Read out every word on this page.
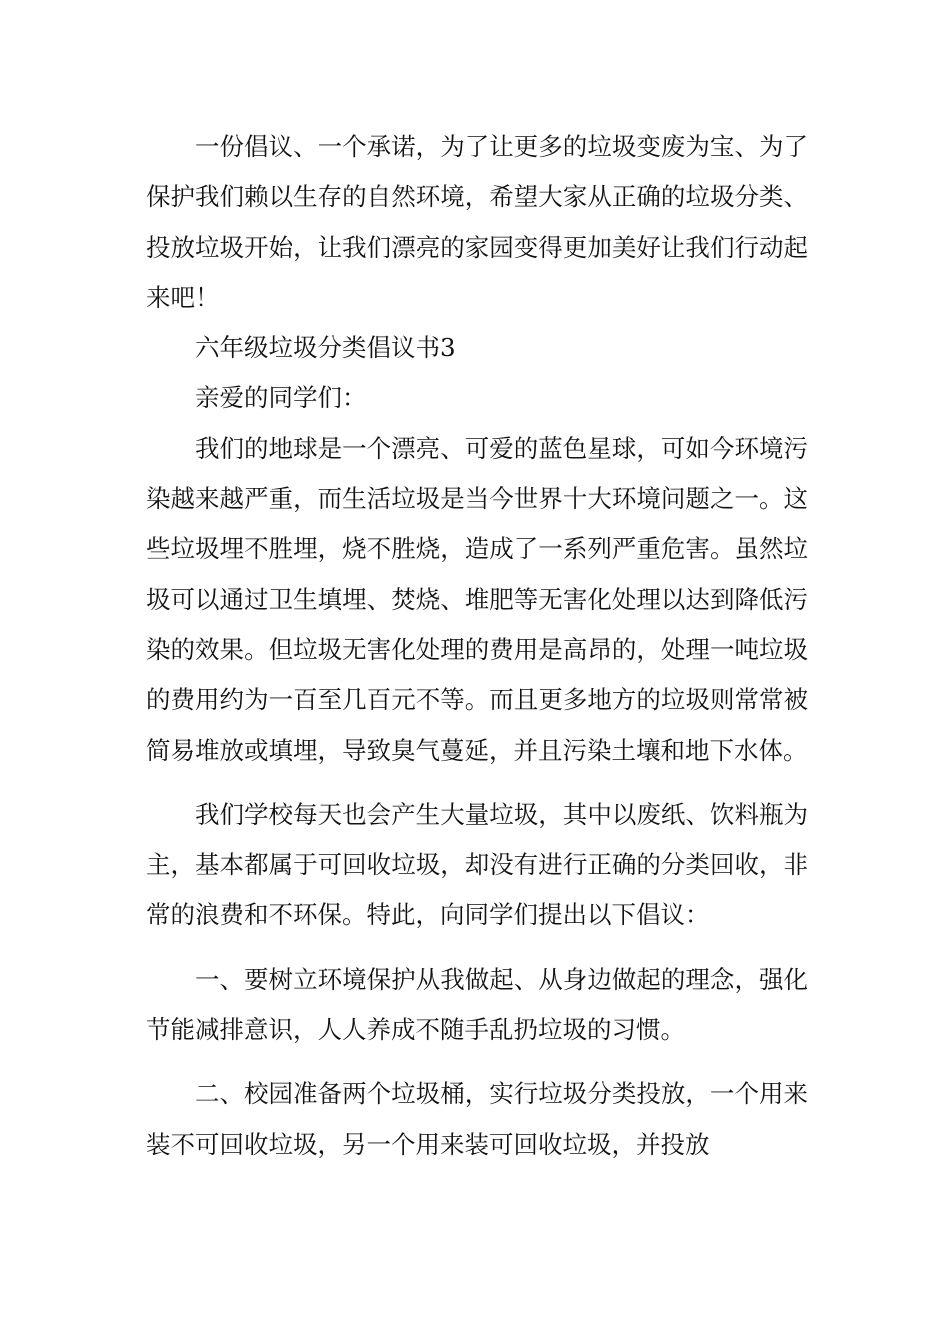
一份倡议、一个承诺，为了让更多的垃圾变废为宝、为了保护我们赖以生存的自然环境，希望大家从正确的垃圾分类、投放垃圾开始，让我们漂亮的家园变得更加美好让我们行动起来吧！

六年级垃圾分类倡议书3

亲爱的同学们：

我们的地球是一个漂亮、可爱的蓝色星球，可如今环境污染越来越严重，而生活垃圾是当今世界十大环境问题之一。这些垃圾埋不胜埋，烧不胜烧，造成了一系列严重危害。虽然垃圾可以通过卫生填埋、焚烧、堆肥等无害化处理以达到降低污染的效果。但垃圾无害化处理的费用是高昂的，处理一吨垃圾的费用约为一百至几百元不等。而且更多地方的垃圾则常常被简易堆放或填埋，导致臭气蔓延，并且污染土壤和地下水体。

我们学校每天也会产生大量垃圾，其中以废纸、饮料瓶为主，基本都属于可回收垃圾，却没有进行正确的分类回收，非常的浪费和不环保。特此，向同学们提出以下倡议：

一、要树立环境保护从我做起、从身边做起的理念，强化节能减排意识，人人养成不随手乱扔垃圾的习惯。

二、校园准备两个垃圾桶，实行垃圾分类投放，一个用来装不可回收垃圾，另一个用来装可回收垃圾，并投放
